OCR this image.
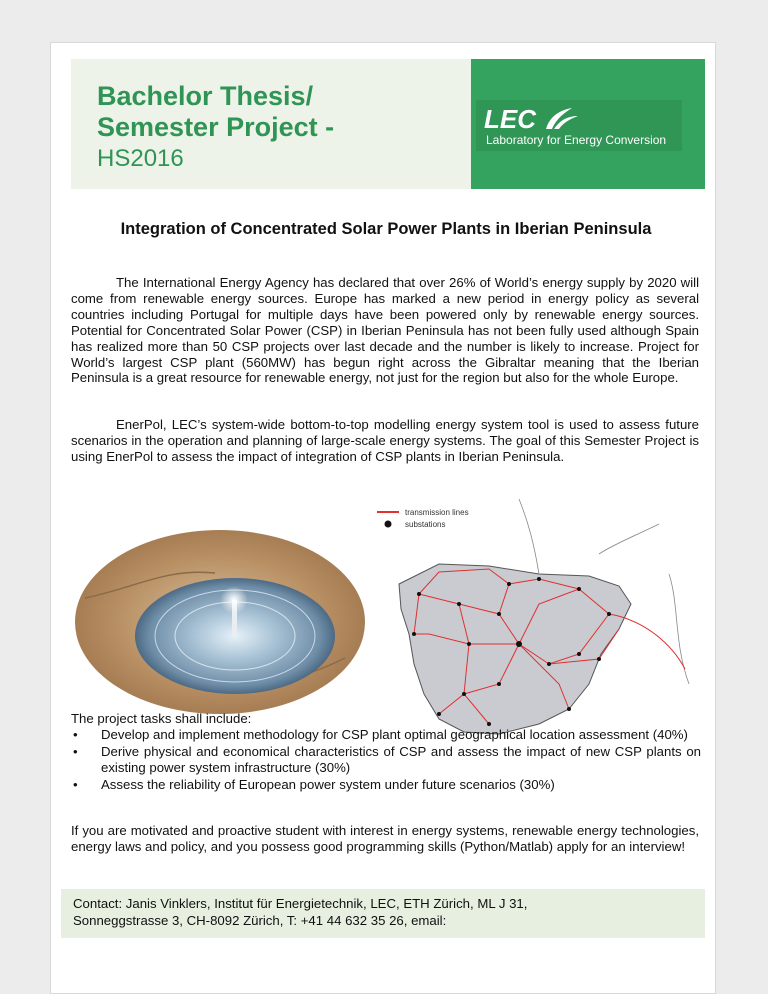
Bachelor Thesis/
Semester Project -
HS2016
LEC
Laboratory for Energy Conversion
Integration of Concentrated Solar Power Plants in Iberian Peninsula

The International Energy Agency has declared that over 26% of World’s energy supply by 2020 will come from renewable energy sources. Europe has marked a new period in energy policy as several countries including Portugal for multiple days have been powered only by renewable energy sources. Potential for Concentrated Solar Power (CSP) in Iberian Peninsula has not been fully used although Spain has realized more than 50 CSP projects over last decade and the number is likely to increase. Project for World’s largest CSP plant (560MW) has begun right across the Gibraltar meaning that the Iberian Peninsula is a great resource for renewable energy, not just for the region but also for the whole Europe.

EnerPol, LEC’s system-wide bottom-to-top modelling energy system tool is used to assess future scenarios in the operation and planning of large-scale energy systems. The goal of this Semester Project is using EnerPol to assess the impact of integration of CSP plants in Iberian Peninsula.

transmission lines
substations
The project tasks shall include:
• Develop and implement methodology for CSP plant optimal geographical location assessment (40%)
• Derive physical and economical characteristics of CSP and assess the impact of new CSP plants on existing power system infrastructure (30%)
• Assess the reliability of European power system under future scenarios (30%)

If you are motivated and proactive student with interest in energy systems, renewable energy technologies, energy laws and policy, and you possess good programming skills (Python/Matlab) apply for an interview!

Contact: Janis Vinklers, Institut für Energietechnik, LEC, ETH Zürich, ML J 31,
Sonneggstrasse 3, CH-8092 Zürich, T: +41 44 632 35 26, email:
